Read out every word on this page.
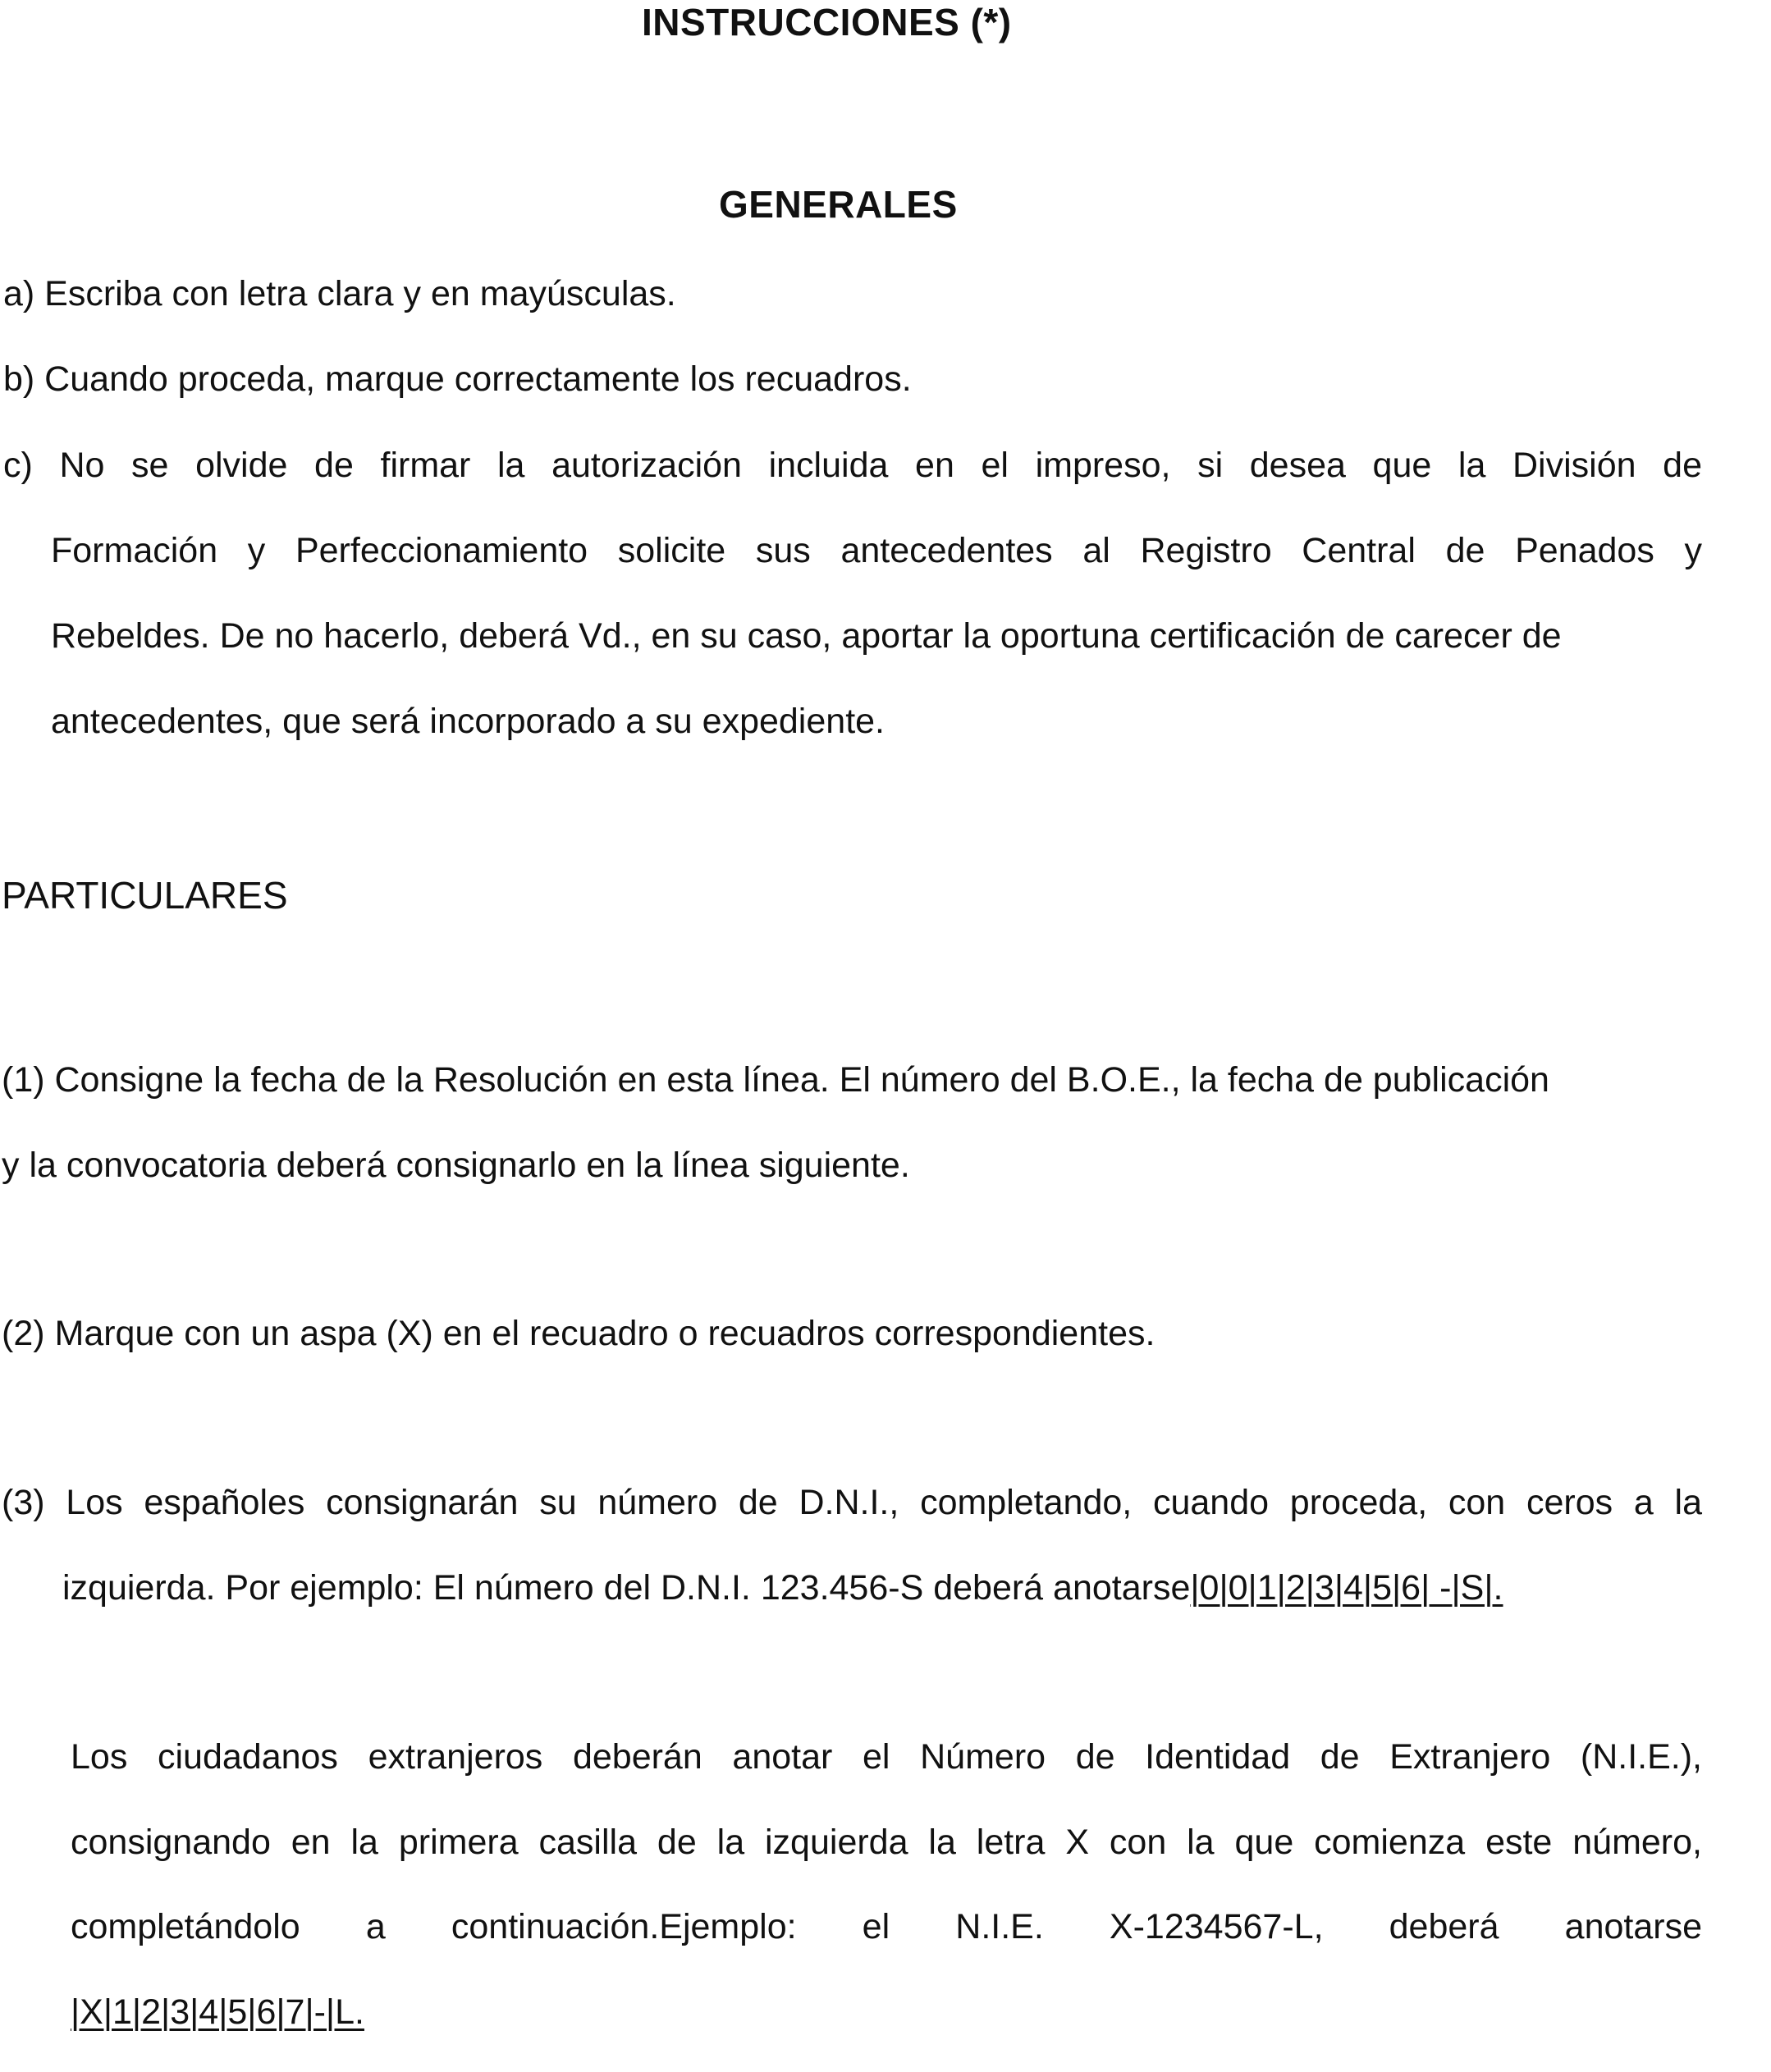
INSTRUCCIONES (*)
GENERALES
a) Escriba con letra clara y en mayúsculas.
b) Cuando proceda, marque correctamente los recuadros.
c) No se olvide de firmar la autorización incluida en el impreso, si desea que la División de
Formación y Perfeccionamiento solicite sus antecedentes al Registro Central de Penados y
Rebeldes. De no hacerlo, deberá Vd., en su caso, aportar la oportuna certificación de carecer de
antecedentes, que será incorporado a su expediente.
PARTICULARES
(1) Consigne la fecha de la Resolución en esta línea. El número del B.O.E., la fecha de publicación
y la convocatoria deberá consignarlo en la línea siguiente.
(2) Marque con un aspa (X) en el recuadro o recuadros correspondientes.
(3) Los españoles consignarán su número de D.N.I., completando, cuando proceda, con ceros a la
izquierda. Por ejemplo: El número del D.N.I. 123.456-S deberá anotarse|0|0|1|2|3|4|5|6| -|S|.
Los ciudadanos extranjeros deberán anotar el Número de Identidad de Extranjero (N.I.E.),
consignando en la primera casilla de la izquierda la letra X con la que comienza este número,
completándolo a continuación.Ejemplo: el N.I.E. X-1234567-L, deberá anotarse
|X|1|2|3|4|5|6|7|-|L.
